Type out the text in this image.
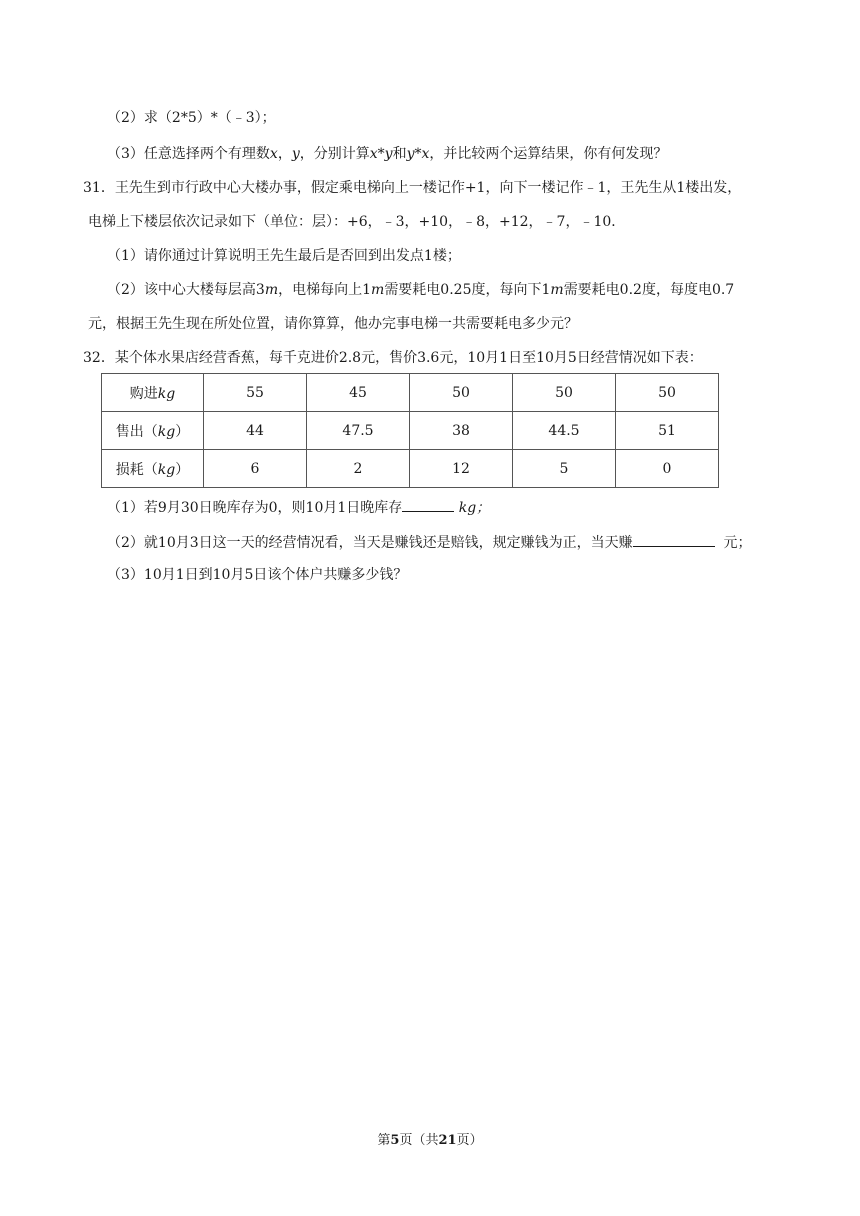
（2）求（2*5）*（﹣3）；
（3）任意选择两个有理数x，y，分别计算x*y和y*x，并比较两个运算结果，你有何发现？
31．王先生到市行政中心大楼办事，假定乘电梯向上一楼记作+1，向下一楼记作﹣1，王先生从1楼出发，
电梯上下楼层依次记录如下（单位：层）：+6，﹣3，+10，﹣8，+12，﹣7，﹣10．
（1）请你通过计算说明王先生最后是否回到出发点1楼；
（2）该中心大楼每层高3m，电梯每向上1m需要耗电0.25度，每向下1m需要耗电0.2度，每度电0.7
元，根据王先生现在所处位置，请你算算，他办完事电梯一共需要耗电多少元？
32．某个体水果店经营香蕉，每千克进价2.8元，售价3.6元，10月1日至10月5日经营情况如下表：
购进kg	55	45	50	50	50
售出（kg）	44	47.5	38	44.5	51
损耗（kg）	6	2	12	5	0
（1）若9月30日晚库存为0，则10月1日晚库存	kg；
（2）就10月3日这一天的经营情况看，当天是赚钱还是赔钱，规定赚钱为正，当天赚	元；
（3）10月1日到10月5日该个体户共赚多少钱？
第5页（共21页）
